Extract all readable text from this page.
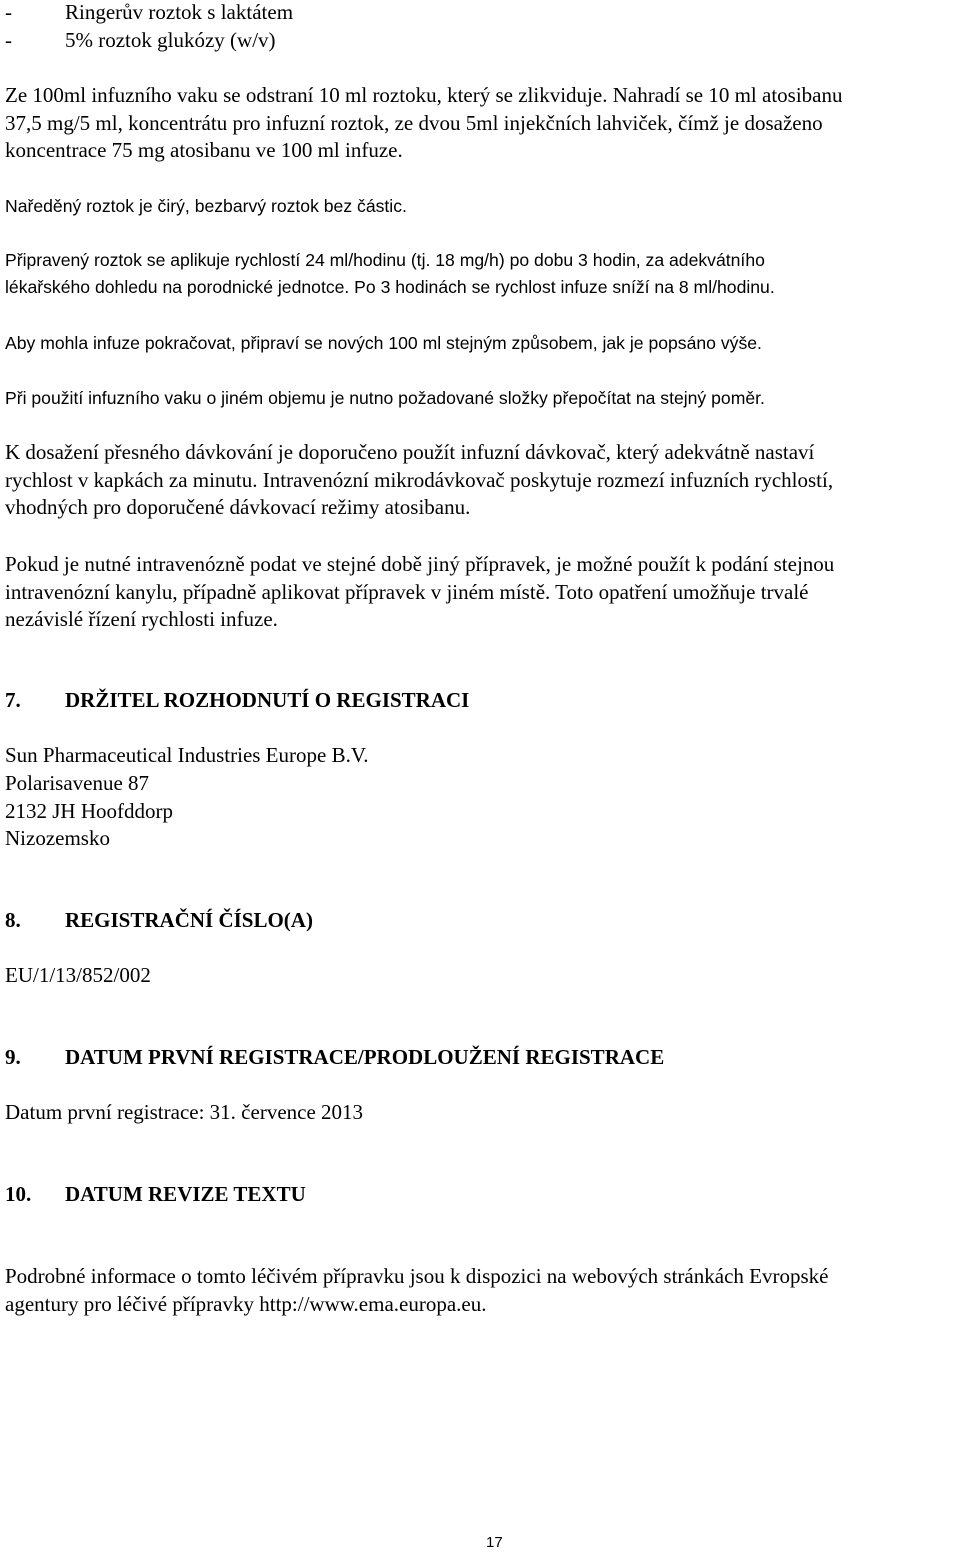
-	Ringerův roztok s laktátem
-	5% roztok glukózy (w/v)

Ze 100ml infuzního vaku se odstraní 10 ml roztoku, který se zlikviduje. Nahradí se 10 ml atosibanu
37,5 mg/5 ml, koncentrátu pro infuzní roztok, ze dvou 5ml injekčních lahviček, čímž je dosaženo
koncentrace 75 mg atosibanu ve 100 ml infuze.

Naředěný roztok je čirý, bezbarvý roztok bez částic.

Připravený roztok se aplikuje rychlostí 24 ml/hodinu (tj. 18 mg/h) po dobu 3 hodin, za adekvátního
lékařského dohledu na porodnické jednotce. Po 3 hodinách se rychlost infuze sníží na 8 ml/hodinu.

Aby mohla infuze pokračovat, připraví se nových 100 ml stejným způsobem, jak je popsáno výše.

Při použití infuzního vaku o jiném objemu je nutno požadované složky přepočítat na stejný poměr.

K dosažení přesného dávkování je doporučeno použít infuzní dávkovač, který adekvátně nastaví
rychlost v kapkách za minutu. Intravenózní mikrodávkovač poskytuje rozmezí infuzních rychlostí,
vhodných pro doporučené dávkovací režimy atosibanu.

Pokud je nutné intravenózně podat ve stejné době jiný přípravek, je možné použít k podání stejnou
intravenózní kanylu, případně aplikovat přípravek v jiném místě. Toto opatření umožňuje trvalé
nezávislé řízení rychlosti infuze.

7. DRŽITEL ROZHODNUTÍ O REGISTRACI
Sun Pharmaceutical Industries Europe B.V.
Polarisavenue 87
2132 JH Hoofddorp
Nizozemsko
8. REGISTRAČNÍ ČÍSLO(A)
EU/1/13/852/002
9. DATUM PRVNÍ REGISTRACE/PRODLOUŽENÍ REGISTRACE
Datum první registrace: 31. července 2013
10. DATUM REVIZE TEXTU

Podrobné informace o tomto léčivém přípravku jsou k dispozici na webových stránkách Evropské
agentury pro léčivé přípravky http://www.ema.europa.eu.

17
